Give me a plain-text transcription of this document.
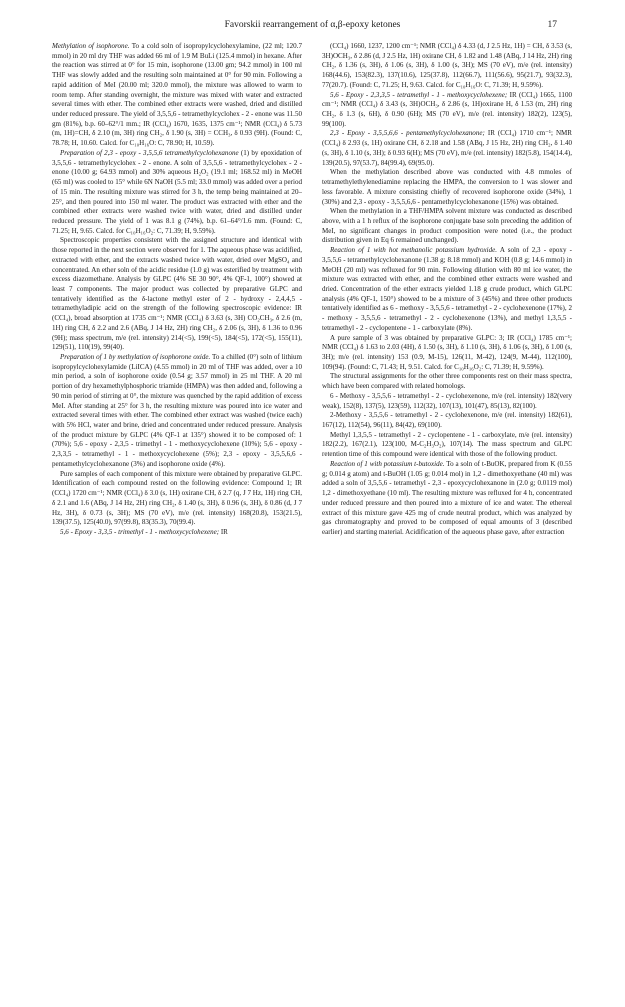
Favorskii rearrangement of α,β-epoxy ketones	17

Methylation of isophorone. To a cold soln of isopropylcyclohexylamine, (22 ml; 120.7 mmol) in 20 ml dry THF was added 66 ml of 1.9 M BuLi (125.4 mmol) in hexane. After the reaction was stirred at 0° for 15 min, isophorone (13.00 gm; 94.2 mmol) in 100 ml THF was slowly added and the resulting soln maintained at 0° for 90 min. Following a rapid addition of MeI (20.00 ml; 320.0 mmol), the mixture was allowed to warm to room temp. After standing overnight, the mixture was mixed with water and extracted several times with ether. The combined ether extracts were washed, dried and distilled under reduced pressure. The yield of 3,5,5,6 - tetramethylcyclohex - 2 - enone was 11.50 gm (81%), b.p. 60–62°/1 mm.; IR (CCl₄) 1670, 1635, 1375 cm⁻¹; NMR (CCl₄) δ 5.73 (m, 1H)=CH, δ 2.10 (m, 3H) ring CH₂, δ 1.90 (s, 3H) = CCH₃, δ 0.93 (9H). (Found: C, 78.78; H, 10.60. Calcd. for C₁₀H₁₆O: C, 78.90; H, 10.59).

Preparation of 2,3 - epoxy - 3,5,5,6 tetramethylcyclohexanone (1) by epoxidation of 3,5,5,6 - tetramethylcyclohex - 2 - enone. A soln of 3,5,5,6 - tetramethylcyclohex - 2 - enone (10.00 g; 64.93 mmol) and 30% aqueous H₂O₂ (19.1 ml; 168.52 ml) in MeOH (65 ml) was cooled to 15° while 6N NaOH (5.5 ml; 33.0 mmol) was added over a period of 15 min. The resulting mixture was stirred for 3 h, the temp being maintained at 20–25°, and then poured into 150 ml water. The product was extracted with ether and the combined ether extracts were washed twice with water, dried and distilled under reduced pressure. The yield of 1 was 8.1 g (74%), b.p. 61–64°/1.6 mm. (Found: C, 71.25; H, 9.65. Calcd. for C₁₀H₁₆O₂: C, 71.39; H, 9.59%).

Spectroscopic properties consistent with the assigned structure and identical with those reported in the next section were observed for 1. The aqueous phase was acidified, extracted with ether, and the extracts washed twice with water, dried over MgSO₄ and concentrated. An ether soln of the acidic residue (1.0 g) was esterified by treatment with excess diazomethane. Analysis by GLPC (4% SE 30 90°, 4% QF-1, 100°) showed at least 7 components. The major product was collected by preparative GLPC and tentatively identified as the δ-lactone methyl ester of 2 - hydroxy - 2,4,4,5 - tetramethyladipic acid on the strength of the following spectroscopic evidence: IR (CCl₄), broad absorption at 1735 cm⁻¹; NMR (CCl₄) δ 3.63 (s, 3H) CO₂CH₃, δ 2.6 (m, 1H) ring CH, δ 2.2 and 2.6 (ABq, J 14 Hz, 2H) ring CH₂, δ 2.06 (s, 3H), δ 1.36 to 0.96 (9H); mass spectrum, m/e (rel. intensity) 214(<5), 199(<5), 184(<5), 172(<5), 155(11), 129(51), 110(19), 99(40).

Preparation of 1 by methylation of isophorone oxide. To a chilled (0°) soln of lithium isopropylcyclohexylamide (LiICA) (4.55 mmol) in 20 ml of THF was added, over a 10 min period, a soln of isophorone oxide (0.54 g; 3.57 mmol) in 25 ml THF. A 20 ml portion of dry hexamethylphosphoric triamide (HMPA) was then added and, following a 90 min period of stirring at 0°, the mixture was quenched by the rapid addition of excess MeI. After standing at 25° for 3 h, the resulting mixture was poured into ice water and extracted several times with ether. The combined ether extract was washed (twice each) with 5% HCl, water and brine, dried and concentrated under reduced pressure. Analysis of the product mixture by GLPC (4% QF-1 at 135°) showed it to be composed of: 1 (70%); 5,6 - epoxy - 2,3,5 - trimethyl - 1 - methoxycyclohexene (10%); 5,6 - epoxy - 2,3,3,5 - tetramethyl - 1 - methoxycyclohexene (5%); 2,3 - epoxy - 3,5,5,6,6 - pentamethylcyclohexanone (3%) and isophorone oxide (4%).

Pure samples of each component of this mixture were obtained by preparative GLPC. Identification of each compound rested on the following evidence: Compound 1; IR (CCl₄) 1720 cm⁻¹; NMR (CCl₄) δ 3.0 (s, 1H) oxirane CH, δ 2.7 (q, J 7 Hz, 1H) ring CH, δ 2.1 and 1.6 (ABq, J 14 Hz, 2H) ring CH₂, δ 1.40 (s, 3H), δ 0.96 (s, 3H), δ 0.86 (d, J 7 Hz, 3H), δ 0.73 (s, 3H); MS (70 eV), m/e (rel. intensity) 168(20.8), 153(21.5), 139(37.5), 125(40.0), 97(99.8), 83(35.3), 70(99.4).

5,6 - Epoxy - 3,3,5 - trimethyl - 1 - methoxycyclohexene; IR

(CCl₄) 1660, 1237, 1200 cm⁻¹; NMR (CCl₄) δ 4.33 (d, J 2.5 Hz, 1H) = CH, δ 3.53 (s, 3H)OCH₃, δ 2.86 (d, J 2.5 Hz, 1H) oxirane CH, δ 1.82 and 1.48 (ABq, J 14 Hz, 2H) ring CH₂, δ 1.36 (s, 3H), δ 1.06 (s, 3H), δ 1.00 (s, 3H); MS (70 eV), m/e (rel. intensity) 168(44.6), 153(82.3), 137(10.6), 125(37.8), 112(66.7), 111(56.6), 95(21.7), 93(32.3), 77(20.7). (Found: C, 71.25; H, 9.63. Calcd. for C₁₀H₁₆O: C, 71.39; H, 9.59%).

5,6 - Epoxy - 2,3,3,5 - tetramethyl - 1 - methoxycyclohexene; IR (CCl₄) 1665, 1100 cm⁻¹; NMR (CCl₄) δ 3.43 (s, 3H)OCH₃, δ 2.86 (s, 1H)oxirane H, δ 1.53 (m, 2H) ring CH₂, δ 1.3 (s, 6H), δ 0.90 (6H); MS (70 eV), m/e (rel. intensity) 182(2), 123(5), 99(100).

2,3 - Epoxy - 3,5,5,6,6 - pentamethylcyclohexanone; IR (CCl₄) 1710 cm⁻¹; NMR (CCl₄) δ 2.93 (s, 1H) oxirane CH, δ 2.18 and 1.58 (ABq, J 15 Hz, 2H) ring CH₂, δ 1.40 (s, 3H), δ 1.10 (s, 3H); δ 0.93 6(H); MS (70 eV), m/e (rel. intensity) 182(5.8), 154(14.4), 139(20.5), 97(53.7), 84(99.4), 69(95.0).

When the methylation described above was conducted with 4.8 mmoles of tetramethylethylenediamine replacing the HMPA, the conversion to 1 was slower and less favorable. A mixture consisting chiefly of recovered isophorone oxide (34%), 1 (30%) and 2,3 - epoxy - 3,5,5,6,6 - pentamethylcyclohexanone (15%) was obtained.

When the methylation in a THF/HMPA solvent mixture was conducted as described above, with a 1 h reflux of the isophorone conjugate base soln preceding the addition of MeI, no significant changes in product composition were noted (i.e., the product distribution given in Eq 6 remained unchanged).

Reaction of 1 with hot methanolic potassium hydroxide. A soln of 2,3 - epoxy - 3,5,5,6 - tetramethylcyclohexanone (1.38 g; 8.18 mmol) and KOH (0.8 g; 14.6 mmol) in MeOH (20 ml) was refluxed for 90 min. Following dilution with 80 ml ice water, the mixture was extracted with ether, and the combined ether extracts were washed and dried. Concentration of the ether extracts yielded 1.18 g crude product, which GLPC analysis (4% QF-1, 150°) showed to be a mixture of 3 (45%) and three other products tentatively identified as 6 - methoxy - 3,5,5,6 - tetramethyl - 2 - cyclohexenone (17%), 2 - methoxy - 3,5,5,6 - tetramethyl - 2 - cyclohexenone (13%), and methyl 1,3,5,5 - tetramethyl - 2 - cyclopentene - 1 - carboxylate (8%).

A pure sample of 3 was obtained by preparative GLPC: 3; IR (CCl₄) 1785 cm⁻¹; NMR (CCl₄) δ 1.63 to 2.03 (4H), δ 1.50 (s, 3H), δ 1.10 (s, 3H), δ 1.06 (s, 3H), δ 1.00 (s, 3H); m/e (rel. intensity) 153 (0.9, M-15), 126(11, M-42), 124(9, M-44), 112(100), 109(94). (Found: C, 71.43; H, 9.51. Calcd. for C₁₀H₁₆O₂: C, 71.39; H, 9.59%).

The structural assignments for the other three components rest on their mass spectra, which have been compared with related homologs.

6 - Methoxy - 3,5,5,6 - tetramethyl - 2 - cyclohexenone, m/e (rel. intensity) 182(very weak), 152(8), 137(5), 123(59), 112(32), 107(13), 101(47), 85(13), 82(100).

2-Methoxy - 3,5,5,6 - tetramethyl - 2 - cyclohexenone, m/e (rel. intensity) 182(61), 167(12), 112(54), 96(11), 84(42), 69(100).

Methyl 1,3,5,5 - tetramethyl - 2 - cyclopentene - 1 - carboxylate, m/e (rel. intensity) 182(2.2), 167(2.1), 123(100, M-C₂H₃O₂), 107(14). The mass spectrum and GLPC retention time of this compound were identical with those of the following product.

Reaction of 1 with potassium t-butoxide. To a soln of t-BuOK, prepared from K (0.55 g; 0.014 g atom) and t-BuOH (1.05 g; 0.014 mol) in 1,2 - dimethoxyethane (40 ml) was added a soln of 3,5,5,6 - tetramethyl - 2,3 - epoxycyclohexanone in (2.0 g; 0.0119 mol) 1,2 - dimethoxyethane (10 ml). The resulting mixture was refluxed for 4 h, concentrated under reduced pressure and then poured into a mixture of ice and water. The ethereal extract of this mixture gave 425 mg of crude neutral product, which was analyzed by gas chromatography and proved to be composed of equal amounts of 3 (described earlier) and starting material. Acidification of the aqueous phase gave, after extraction
